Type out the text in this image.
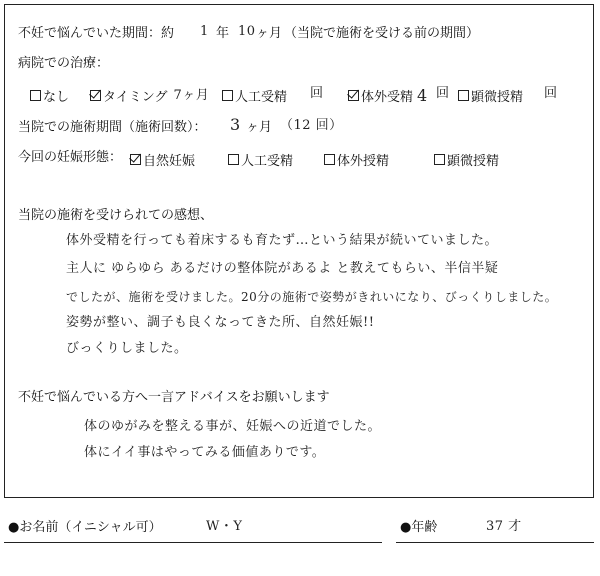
不妊で悩んでいた期間：約 1 年 10 ヶ月 （当院で施術を受ける前の期間）
病院での治療：
なし	タイミング 7ヶ月 人工受精 回	体外受精 4 回 顕微授精 回
当院での施術期間（施術回数）： 3 ヶ月 （12 回）
今回の妊娠形態： 自然妊娠	人工受精	体外授精	顕微授精
当院の施術を受けられての感想、
体外受精を行っても着床するも育たず…という結果が続いていました。
主人に ゆらゆら あるだけの整体院があるよ と教えてもらい、半信半疑
でしたが、施術を受けました。20分の施術で姿勢がきれいになり、びっくりしました。
姿勢が整い、調子も良くなってきた所、自然妊娠!!
びっくりしました。
不妊で悩んでいる方へ一言アドバイスをお願いします
体のゆがみを整える事が、妊娠への近道でした。
体にイイ事はやってみる価値ありです。
●お名前（イニシャル可）	W・Y	●年齢	37 才
